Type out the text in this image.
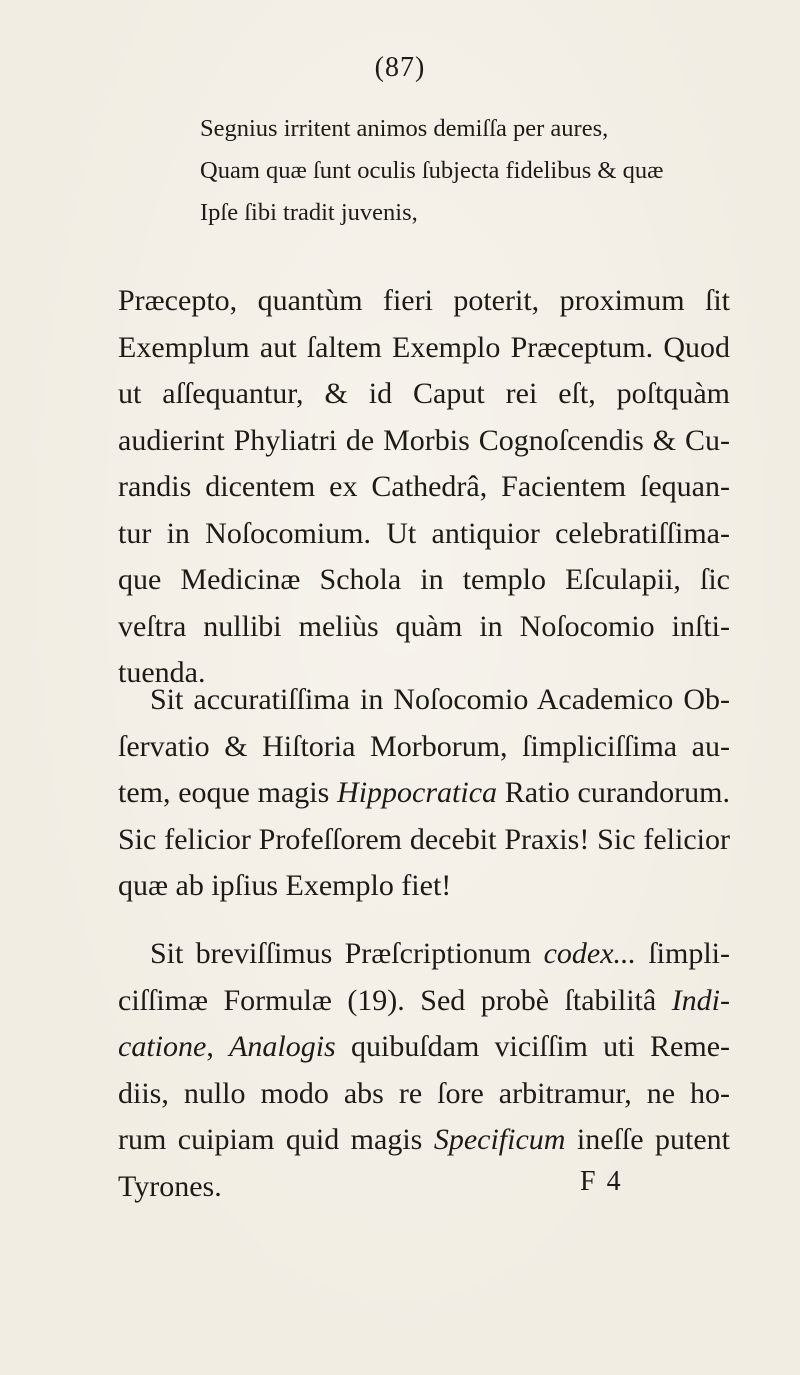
(87)
Segnius irritent animos demiſſa per aures,
Quam quæ ſunt oculis ſubjecta fidelibus & quæ
Ipſe ſibi tradit juvenis,
Præcepto, quantùm fieri poterit, proximum ſit
Exemplum aut ſaltem Exemplo Præceptum. Quod
ut aſſequantur, & id Caput rei eſt, poſtquàm
audierint Phyliatri de Morbis Cognoſcendis & Cu-
randis dicentem ex Cathedrâ, Facientem ſequan-
tur in Noſocomium. Ut antiquior celebratiſſima-
que Medicinæ Schola in templo Eſculapii, ſic
veſtra nullibi meliùs quàm in Noſocomio inſti-
tuenda.
Sit accuratiſſima in Noſocomio Academico Ob-
ſervatio & Hiſtoria Morborum, ſimpliciſſima au-
tem, eoque magis Hippocratica Ratio curandorum.
Sic felicior Profeſſorem decebit Praxis! Sic felicior
quæ ab ipſius Exemplo fiet!
Sit breviſſimus Præſcriptionum codex... ſimpli-
ciſſimæ Formulæ (19). Sed probè ſtabilitâ Indi-
catione, Analogis quibuſdam viciſſim uti Reme-
diis, nullo modo abs re ſore arbitramur, ne ho-
rum cuipiam quid magis Specificum ineſſe putent
Tyrones.	F 4
